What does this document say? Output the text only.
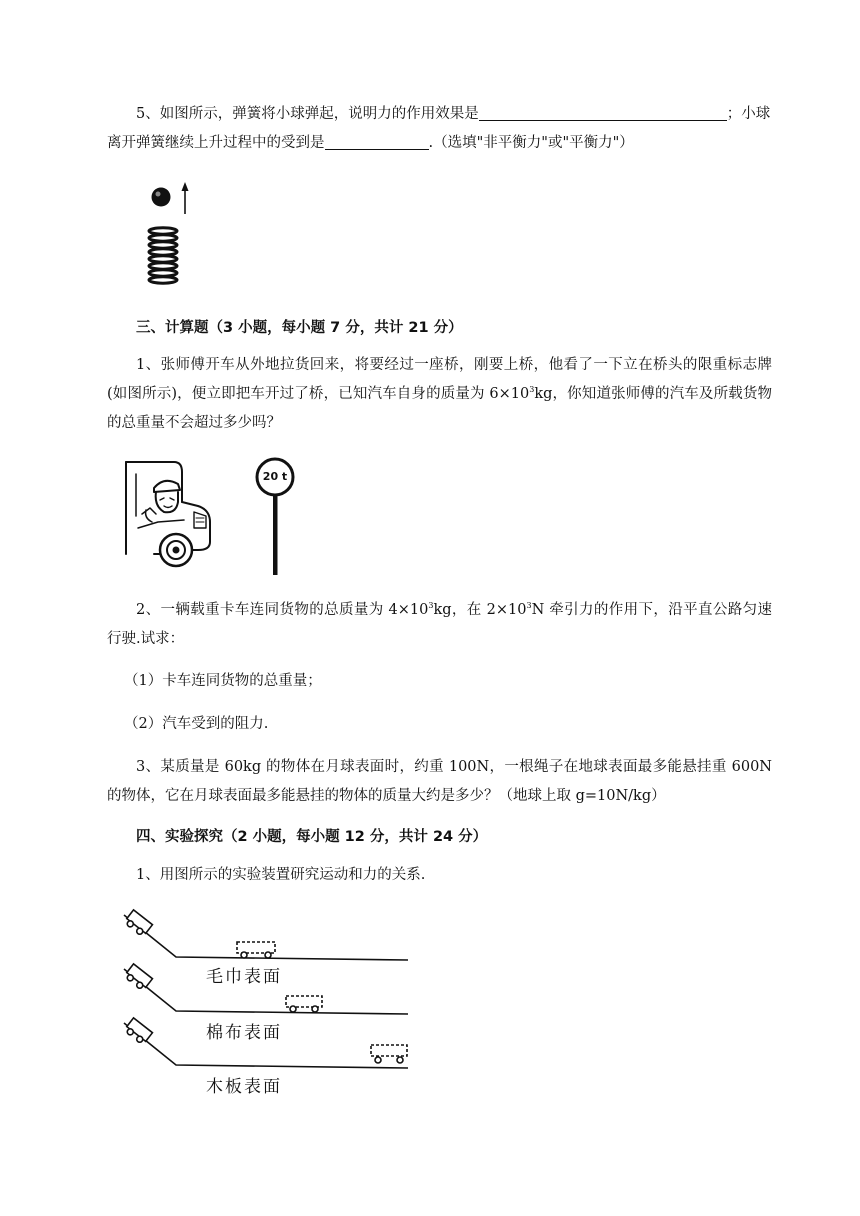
5、如图所示，弹簧将小球弹起，说明力的作用效果是	；小球
离开弹簧继续上升过程中的受到是	.（选填"非平衡力"或"平衡力"）

三、计算题（3 小题，每小题 7 分，共计 21 分）

1、张师傅开车从外地拉货回来，将要经过一座桥，刚要上桥，他看了一下立在桥头的限重标志牌(如图所示)，便立即把车开过了桥，已知汽车自身的质量为 $6\times 10^3kg$，你知道张师傅的汽车及所载货物的总重量不会超过多少吗？

20 t

2、一辆载重卡车连同货物的总质量为 $4\times 10^3kg$，在 $2\times 10^3N$ 牵引力的作用下，沿平直公路匀速行驶.试求：

（1）卡车连同货物的总重量；

（2）汽车受到的阻力.

3、某质量是 60kg 的物体在月球表面时，约重 100N，一根绳子在地球表面最多能悬挂重 600N 的物体，它在月球表面最多能悬挂的物体的质量大约是多少？（地球上取 g=10N/kg）

四、实验探究（2 小题，每小题 12 分，共计 24 分）

1、用图所示的实验装置研究运动和力的关系.

毛巾表面
棉布表面
木板表面
